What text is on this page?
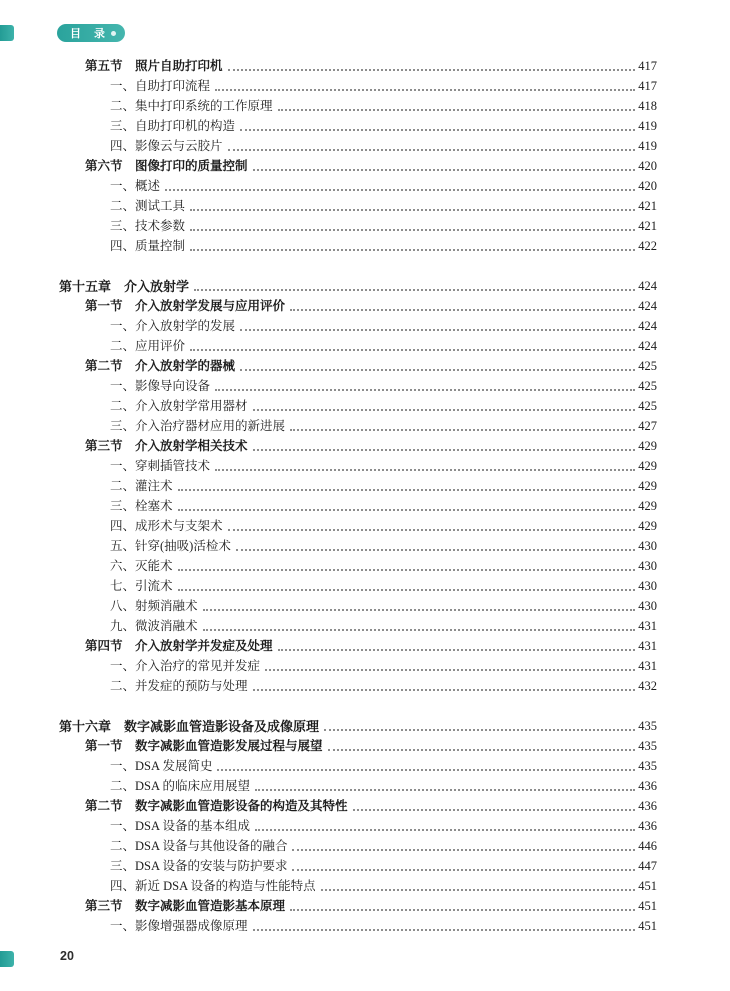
目 录
第五节　照片自助打印机	417
一、自助打印流程	417
二、集中打印系统的工作原理	418
三、自助打印机的构造	419
四、影像云与云胶片	419
第六节　图像打印的质量控制	420
一、概述	420
二、测试工具	421
三、技术参数	421
四、质量控制	422
第十五章　介入放射学	424
第一节　介入放射学发展与应用评价	424
一、介入放射学的发展	424
二、应用评价	424
第二节　介入放射学的器械	425
一、影像导向设备	425
二、介入放射学常用器材	425
三、介入治疗器材应用的新进展	427
第三节　介入放射学相关技术	429
一、穿刺插管技术	429
二、灌注术	429
三、栓塞术	429
四、成形术与支架术	429
五、针穿(抽吸)活检术	430
六、灭能术	430
七、引流术	430
八、射频消融术	430
九、微波消融术	431
第四节　介入放射学并发症及处理	431
一、介入治疗的常见并发症	431
二、并发症的预防与处理	432
第十六章　数字减影血管造影设备及成像原理	435
第一节　数字减影血管造影发展过程与展望	435
一、DSA 发展简史	435
二、DSA 的临床应用展望	436
第二节　数字减影血管造影设备的构造及其特性	436
一、DSA 设备的基本组成	436
二、DSA 设备与其他设备的融合	446
三、DSA 设备的安装与防护要求	447
四、新近 DSA 设备的构造与性能特点	451
第三节　数字减影血管造影基本原理	451
一、影像增强器成像原理	451
20
